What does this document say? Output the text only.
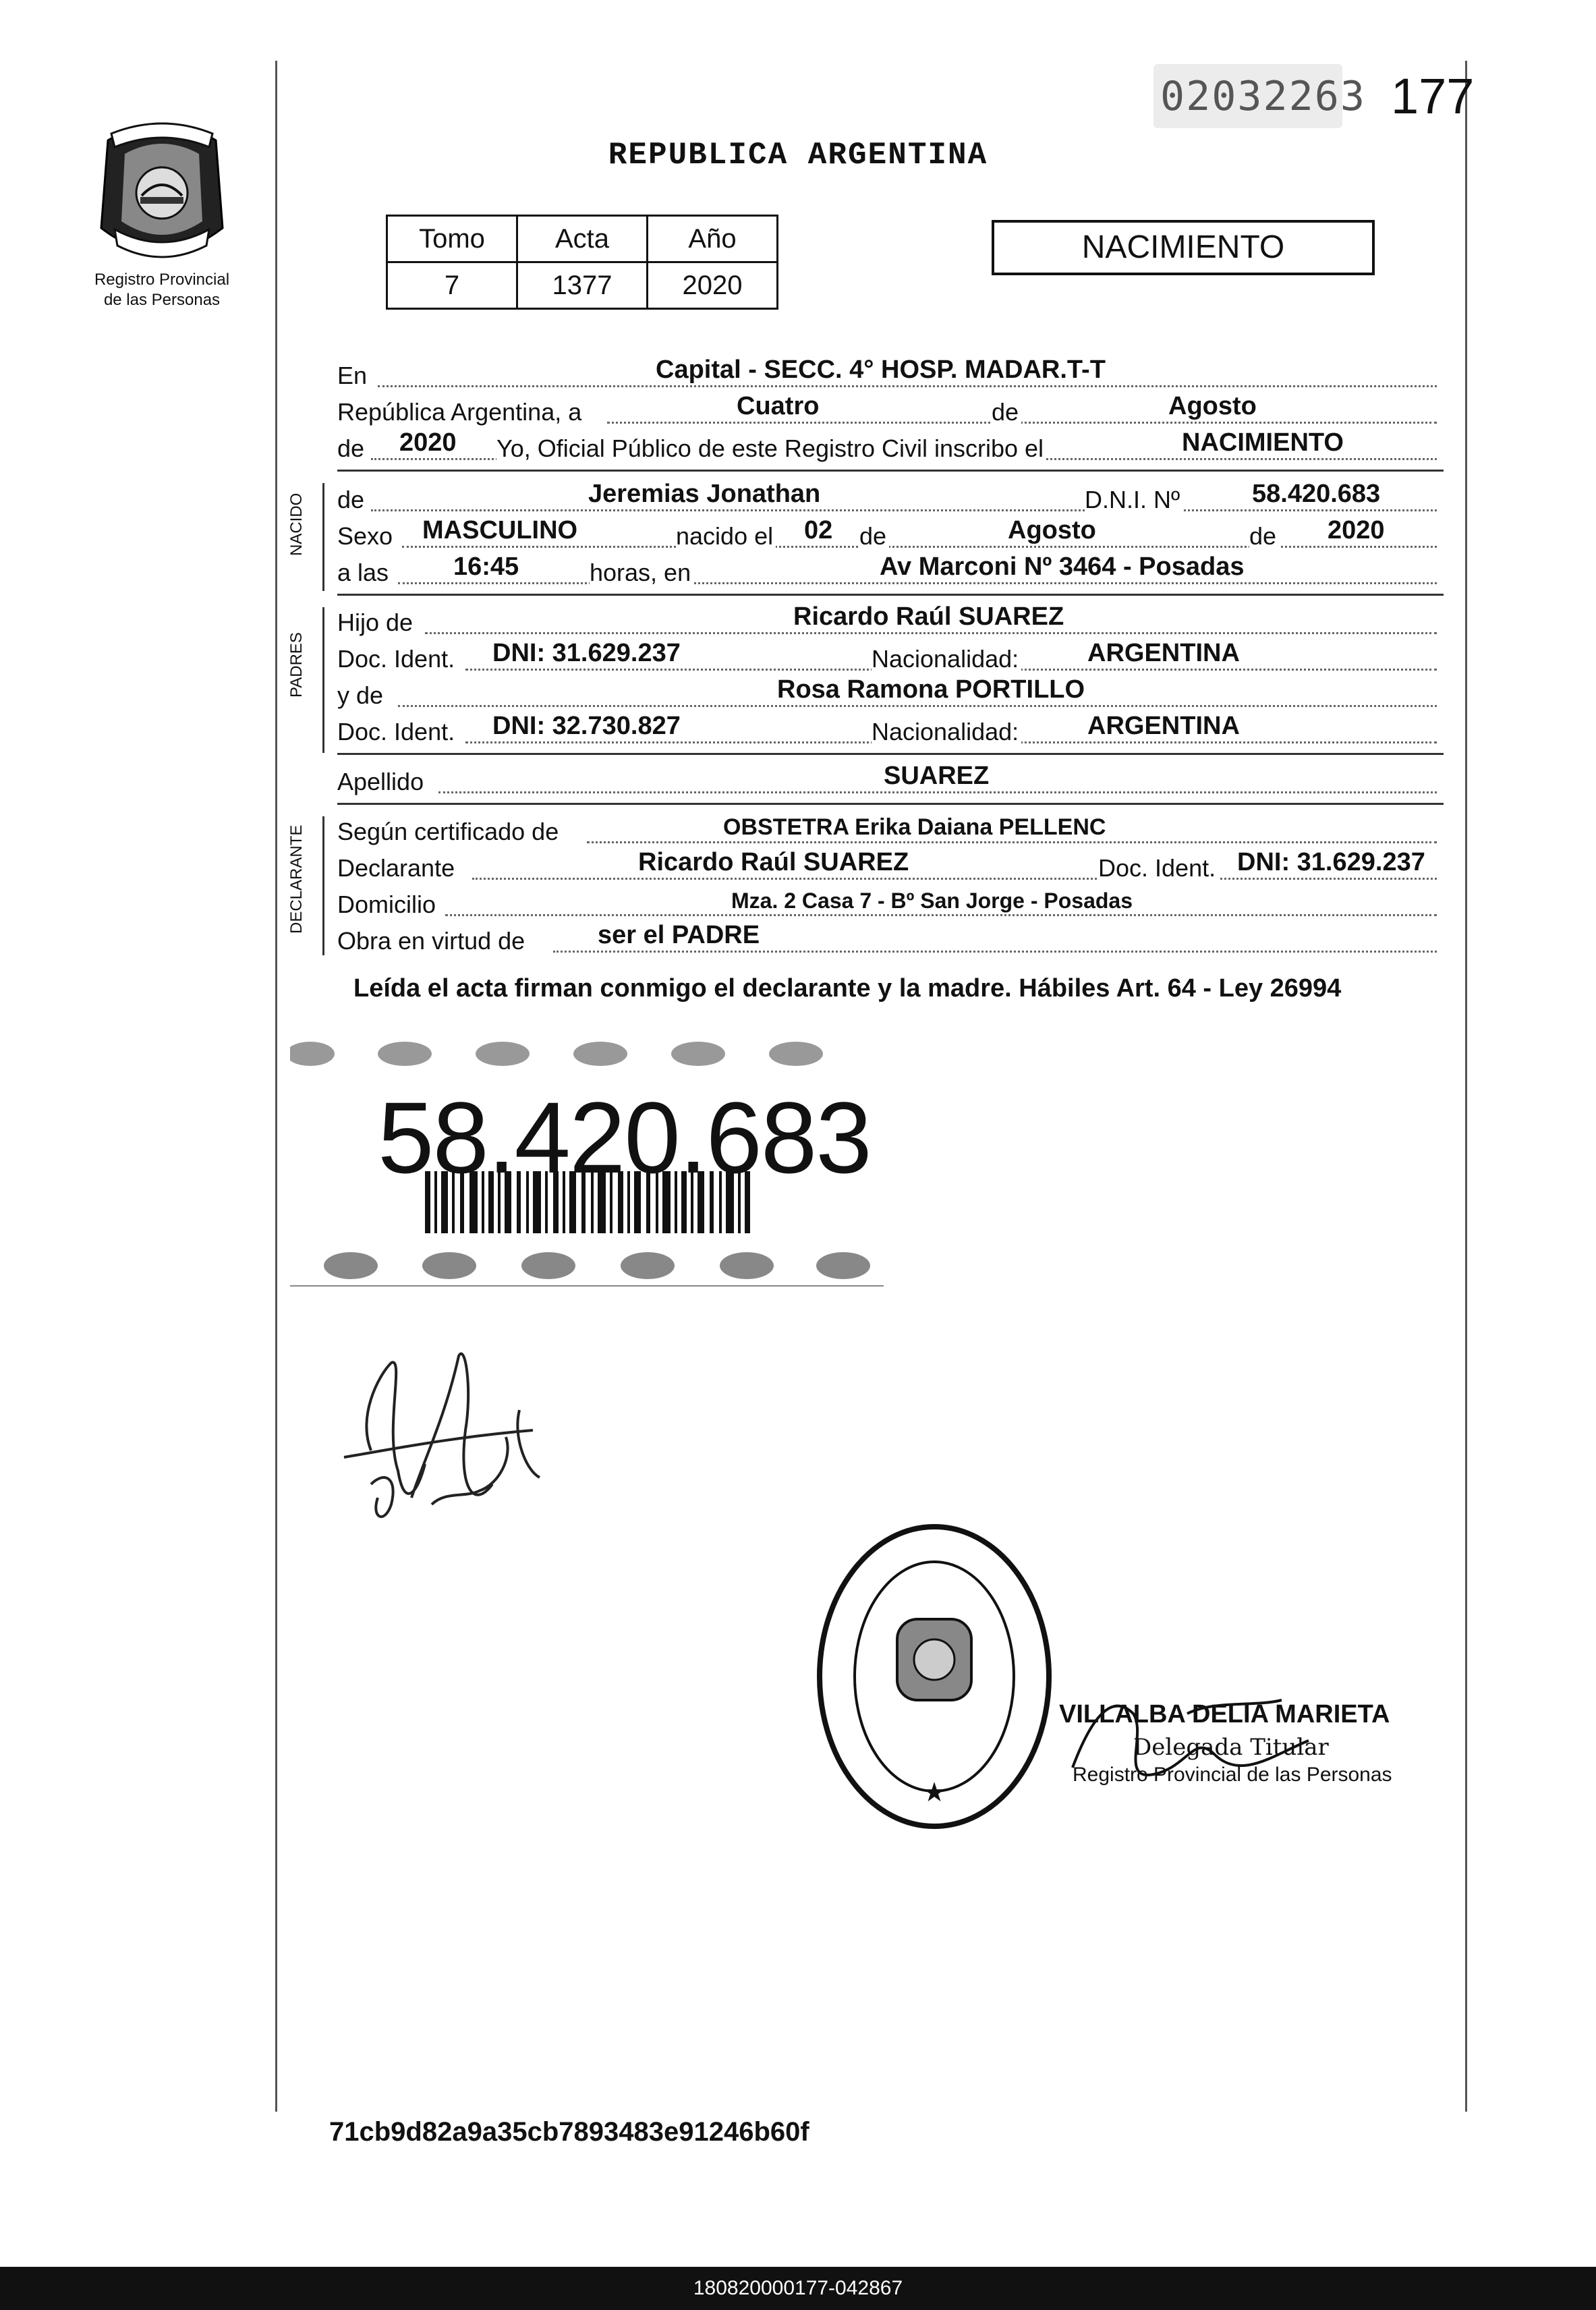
02032263 177
Registro Provincial
de las Personas
REPUBLICA ARGENTINA
Tomo	Acta	Año
7	1377	2020
NACIMIENTO
En	Capital - SECC. 4° HOSP. MADAR.T-T
República Argentina, a	Cuatro	de	Agosto
de 2020 Yo, Oficial Público de este Registro Civil inscribo el	NACIMIENTO
NACIDO de	Jeremias Jonathan	D.N.I. Nº	58.420.683
Sexo MASCULINO	nacido el 02 de	Agosto	de 2020
a las	16:45	horas, en	Av Marconi Nº 3464 - Posadas
PADRES
Hijo de	Ricardo Raúl SUAREZ
Doc. Ident. DNI: 31.629.237	Nacionalidad:	ARGENTINA
y de	Rosa Ramona PORTILLO
Doc. Ident. DNI: 32.730.827	Nacionalidad:	ARGENTINA
Apellido	SUAREZ
DECLARANTE Según certificado de	OBSTETRA Erika Daiana PELLENC
Declarante	Ricardo Raúl SUAREZ	Doc. Ident. DNI: 31.629.237
Domicilio	Mza. 2 Casa 7 - Bº San Jorge - Posadas
Obra en virtud de	ser el PADRE
Leída el acta firman conmigo el declarante y la madre. Hábiles Art. 64 - Ley 26994
58.420.683
★
VILLALBA DELIA MARIETA
Delegada Titular
Registro Provincial de las Personas
71cb9d82a9a35cb7893483e91246b60f
180820000177-042867
